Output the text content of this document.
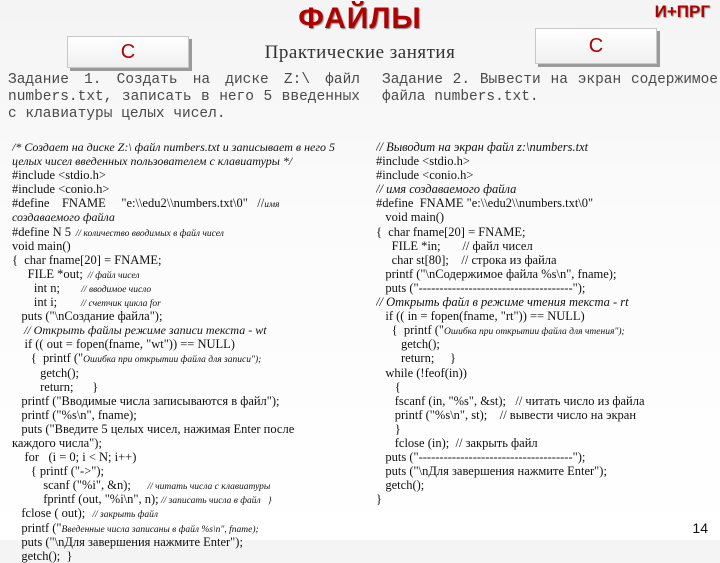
ФАЙЛЫ
Практические занятия
И+ПРГ
C	C
Задание 1. Создать на диске Z:\ файл numbers.txt, записать в него 5 введенных с клавиатуры целых чисел.
Задание 2. Вывести на экран содержимое файла numbers.txt.
/* Создает на диске Z:\ файл numbers.txt и записывает в него 5
целых чисел введенных пользователем с клавиатуры */
#include <stdio.h>
#include <conio.h>
#define    FNAME     "e:\\edu2\\numbers.txt\0"   //имя
создаваемого файла
#define N 5  // количество вводимых в файл чисел
void main()
{  char fname[20] = FNAME;
FILE *out;  // файл чисел
int n;         // вводимое число
int i;          // счетчик цикла for
puts ("\nСоздание файла");
// Открыть файлы режиме записи текста - wt
if (( out = fopen(fname, "wt")) == NULL)
{  printf ("Ошибка при открытии файла для записи");
getch();
return;      }
printf ("Вводимые числа записываются в файл");
printf ("%s\n", fname);
puts ("Введите 5 целых чисел, нажимая Enter после
каждого числа");
for   (i = 0; i < N; i++)
{ printf ("->");
scanf ("%i", &n);       // читать числа с клавиатуры
fprintf (out, "%i\n", n); // записать числа в файл   }
fclose ( out);   // закрыть файл
printf ("Введенные числа записаны в файл %s\n", fname);
puts ("\nДля завершения нажмите Enter");
getch();  }
// Выводит на экран файл z:\numbers.txt
#include <stdio.h>
#include <conio.h>
// имя создаваемого файла
#define  FNAME "e:\\edu2\\numbers.txt\0"
void main()
{  char fname[20] = FNAME;
FILE *in;       // файл чисел
char st[80];    // строка из файла
printf ("\nСодержимое файла %s\n", fname);
puts ("-------------------------------------");
// Открыть файл в режиме чтения текста - rt
if (( in = fopen(fname, "rt")) == NULL)
{  printf ("Ошибка при открытии файла для чтения");
getch();
return;     }
while (!feof(in))
{
fscanf (in, "%s", &st);   // читать число из файла
printf ("%s\n", st);    // вывести число на экран
}
fclose (in);  // закрыть файл
puts ("-------------------------------------");
puts ("\nДля завершения нажмите Enter");
getch();
}
14
